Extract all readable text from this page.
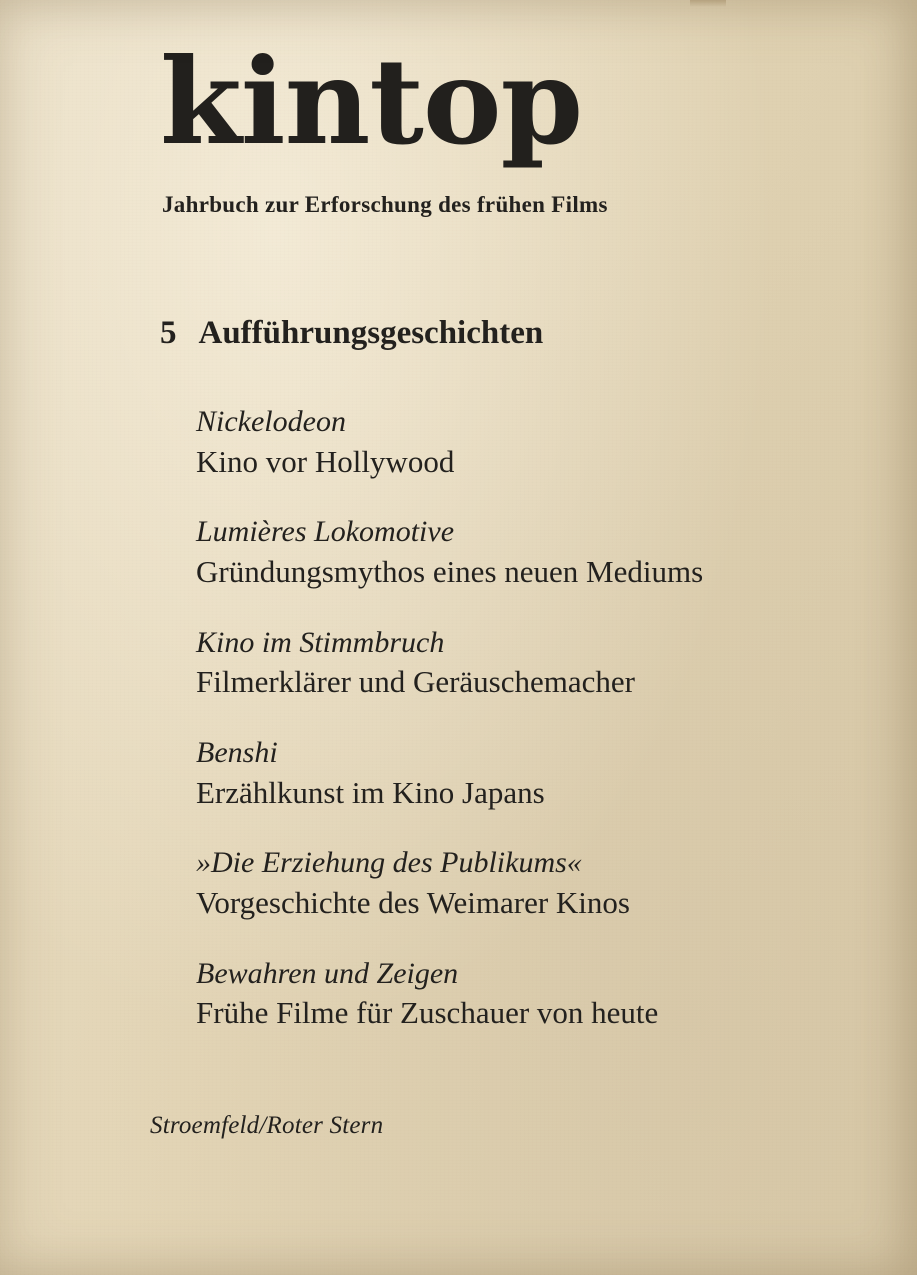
kintop
Jahrbuch zur Erforschung des frühen Films
5 Aufführungsgeschichten
Nickelodeon
Kino vor Hollywood
Lumières Lokomotive
Gründungsmythos eines neuen Mediums
Kino im Stimmbruch
Filmerklärer und Geräuschemacher
Benshi
Erzählkunst im Kino Japans
»Die Erziehung des Publikums«
Vorgeschichte des Weimarer Kinos
Bewahren und Zeigen
Frühe Filme für Zuschauer von heute
Stroemfeld/Roter Stern
